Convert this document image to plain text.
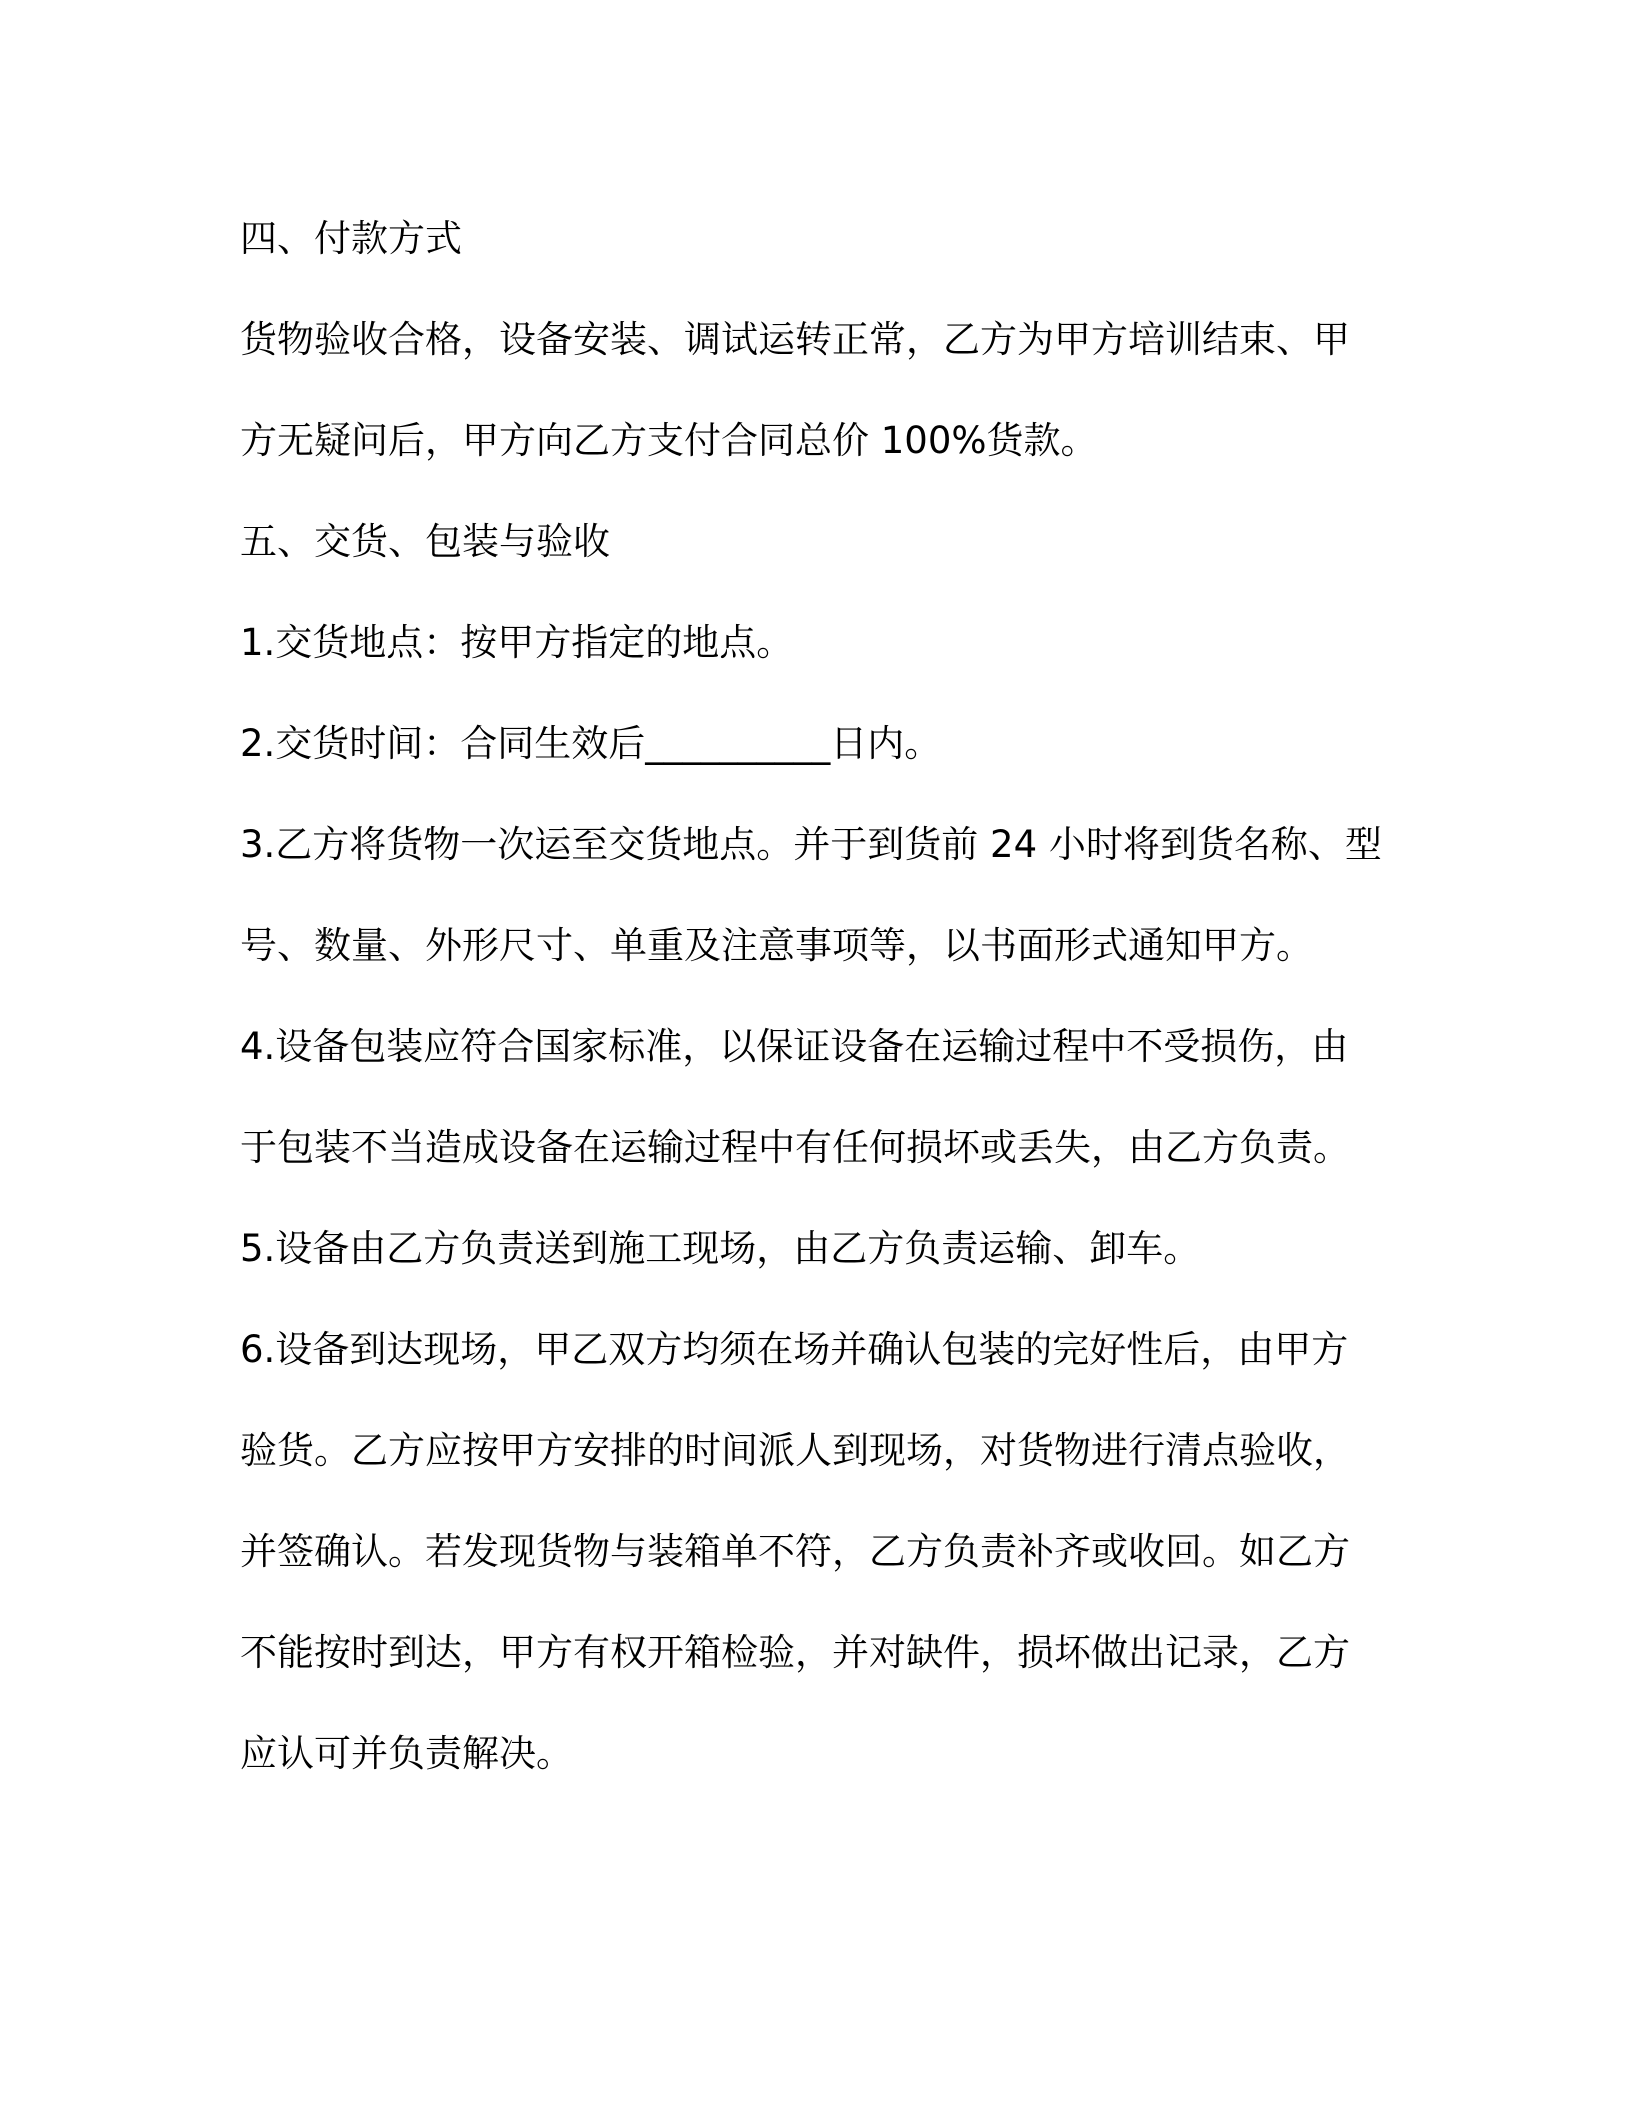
四、付款方式

货物验收合格，设备安装、调试运转正常，乙方为甲方培训结束、甲

方无疑问后，甲方向乙方支付合同总价 100%货款。

五、交货、包装与验收

1.交货地点：按甲方指定的地点。

2.交货时间：合同生效后__________日内。

3.乙方将货物一次运至交货地点。并于到货前 24 小时将到货名称、型

号、数量、外形尺寸、单重及注意事项等，以书面形式通知甲方。

4.设备包装应符合国家标准，以保证设备在运输过程中不受损伤，由

于包装不当造成设备在运输过程中有任何损坏或丢失，由乙方负责。

5.设备由乙方负责送到施工现场，由乙方负责运输、卸车。

6.设备到达现场，甲乙双方均须在场并确认包装的完好性后，由甲方

验货。乙方应按甲方安排的时间派人到现场，对货物进行清点验收，

并签确认。若发现货物与装箱单不符，乙方负责补齐或收回。如乙方

不能按时到达，甲方有权开箱检验，并对缺件，损坏做出记录，乙方

应认可并负责解决。
